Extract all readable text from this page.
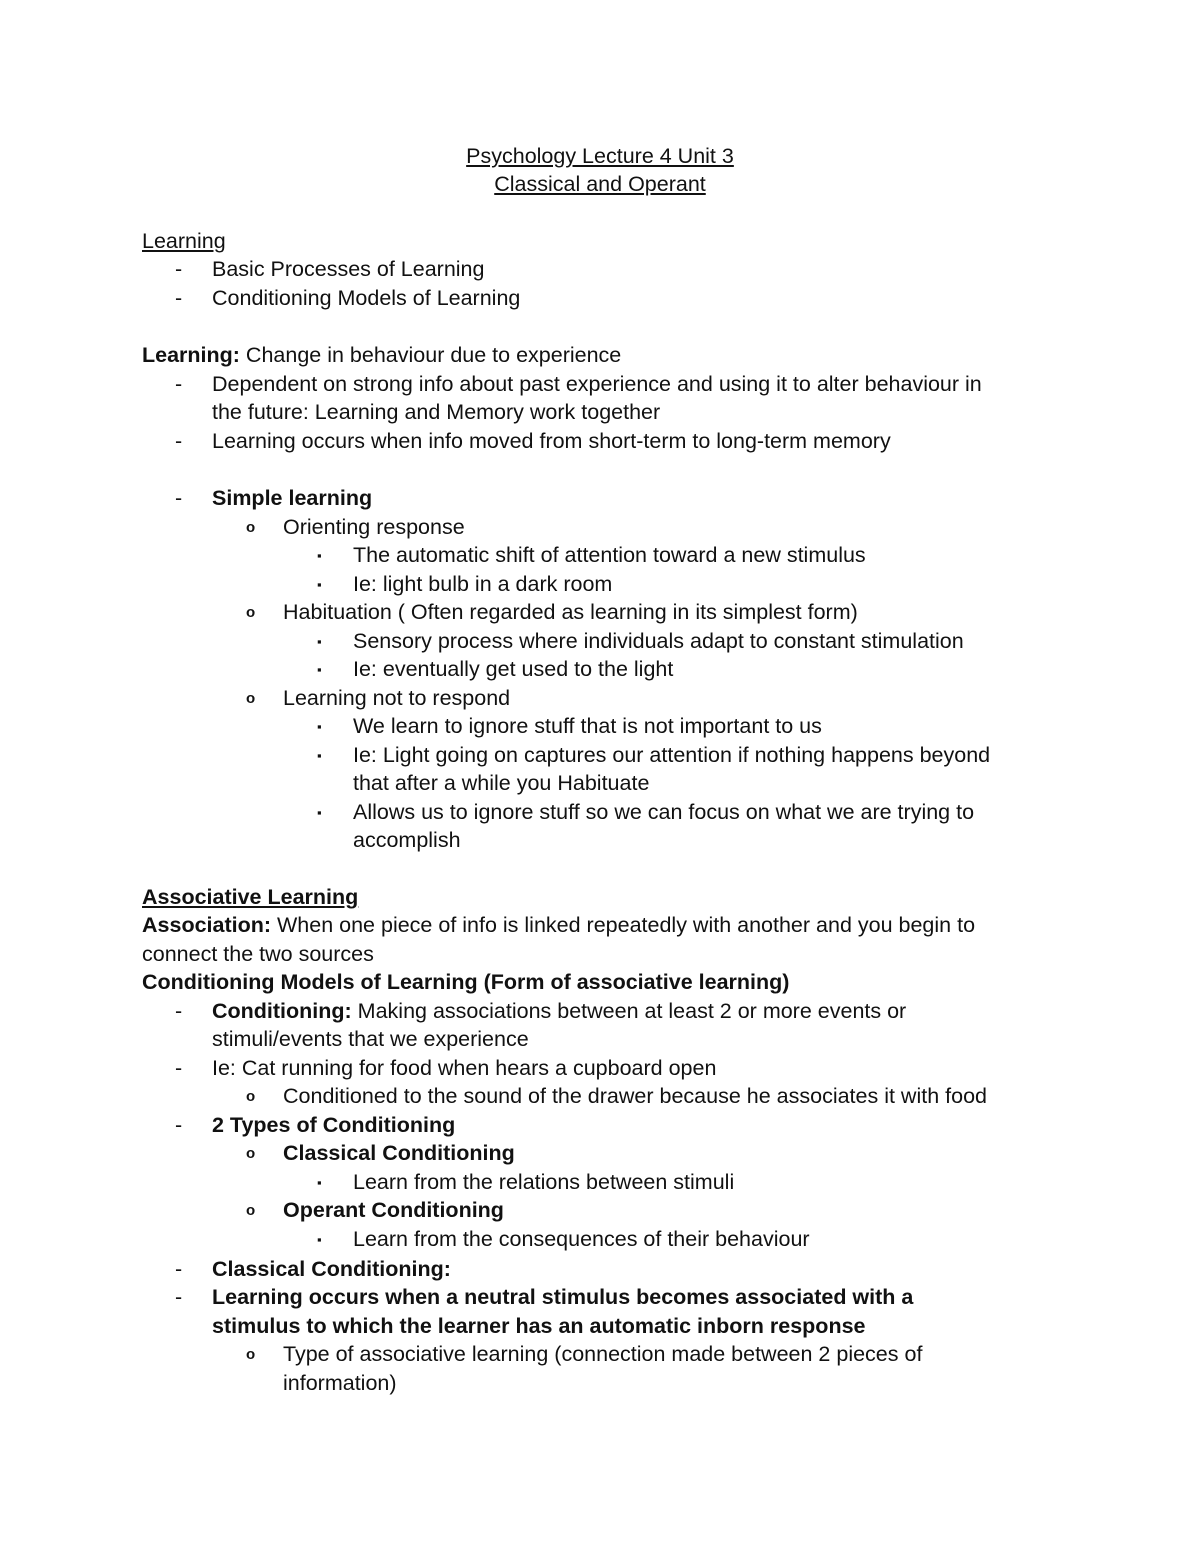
Psychology Lecture 4 Unit 3
Classical and Operant
Learning
- Basic Processes of Learning
- Conditioning Models of Learning
Learning: Change in behaviour due to experience
- Dependent on strong info about past experience and using it to alter behaviour in
the future: Learning and Memory work together
- Learning occurs when info moved from short-term to long-term memory
- Simple learning
o Orienting response
▪ The automatic shift of attention toward a new stimulus
▪ Ie: light bulb in a dark room
o Habituation ( Often regarded as learning in its simplest form)
▪ Sensory process where individuals adapt to constant stimulation
▪ Ie: eventually get used to the light
o Learning not to respond
▪ We learn to ignore stuff that is not important to us
▪ Ie: Light going on captures our attention if nothing happens beyond
that after a while you Habituate
▪ Allows us to ignore stuff so we can focus on what we are trying to
accomplish
Associative Learning
Association: When one piece of info is linked repeatedly with another and you begin to
connect the two sources
Conditioning Models of Learning (Form of associative learning)
- Conditioning: Making associations between at least 2 or more events or
stimuli/events that we experience
- Ie: Cat running for food when hears a cupboard open
o Conditioned to the sound of the drawer because he associates it with food
- 2 Types of Conditioning
o Classical Conditioning
▪ Learn from the relations between stimuli
o Operant Conditioning
▪ Learn from the consequences of their behaviour
- Classical Conditioning:
- Learning occurs when a neutral stimulus becomes associated with a
stimulus to which the learner has an automatic inborn response
o Type of associative learning (connection made between 2 pieces of
information)
